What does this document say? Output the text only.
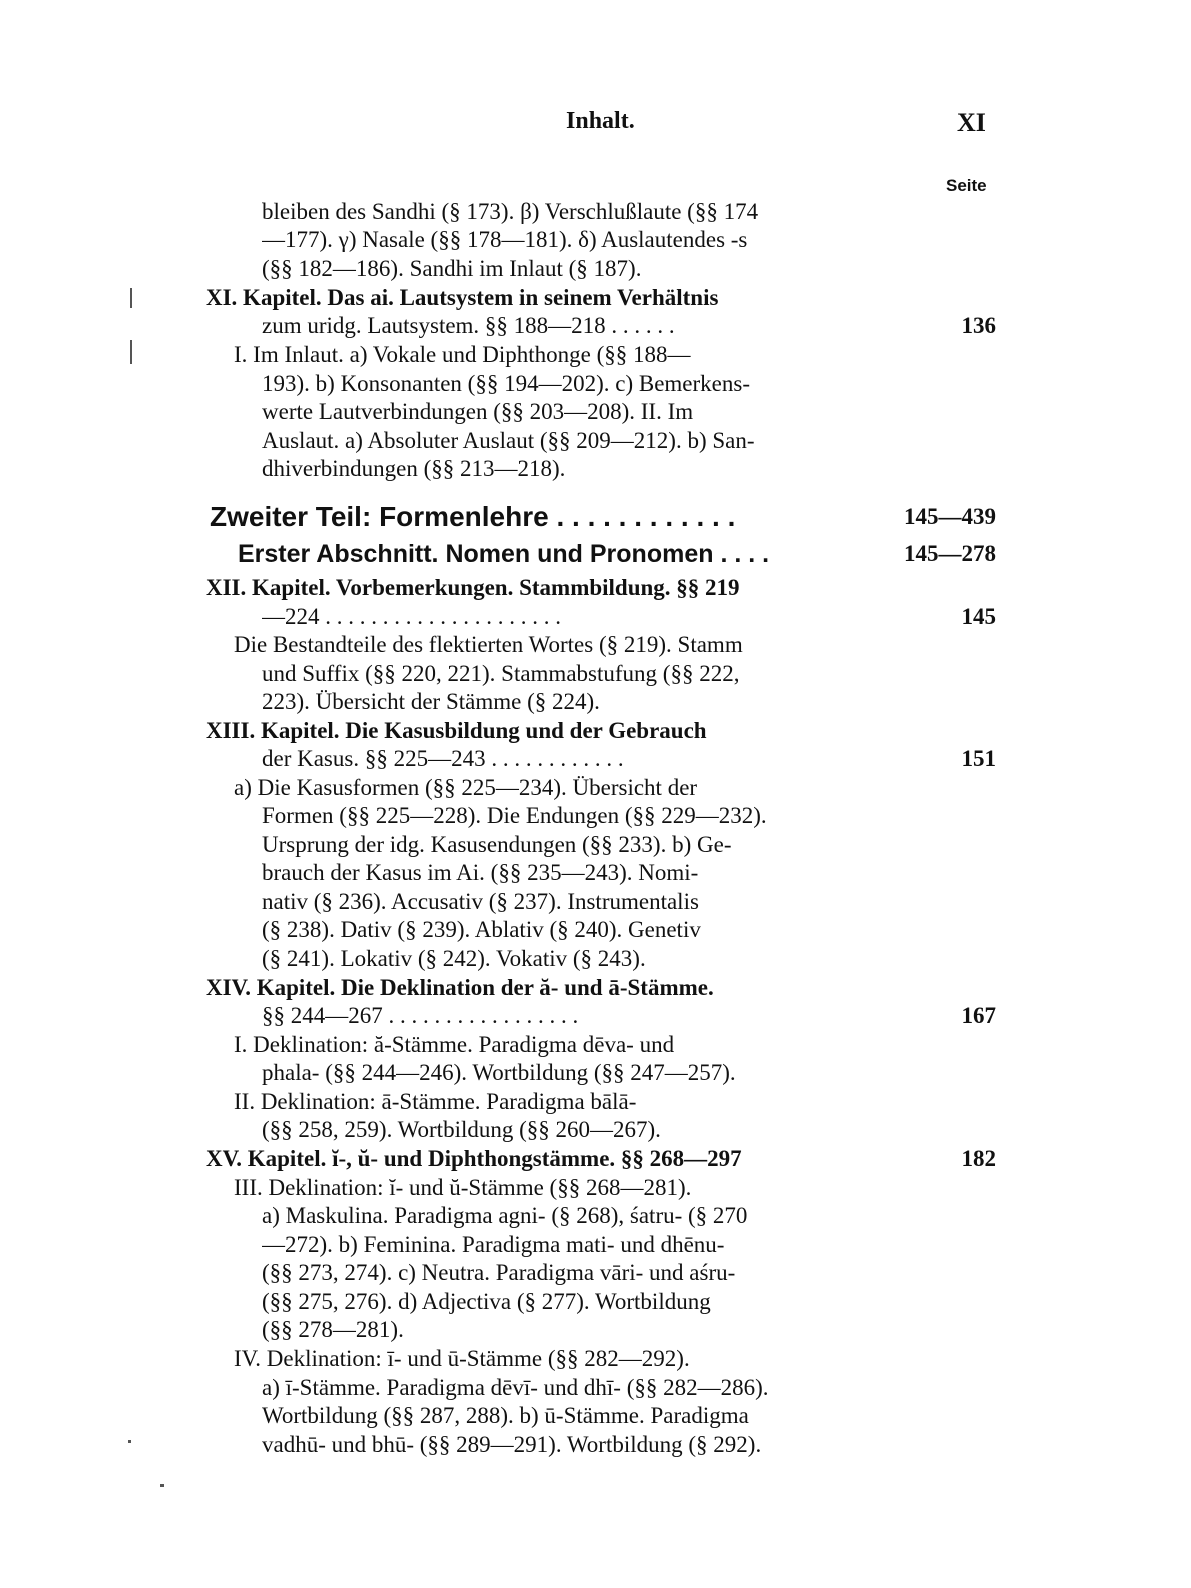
Inhalt.	XI
Seite
bleiben des Sandhi (§ 173). β) Verschlußlaute (§§ 174
—177). γ) Nasale (§§ 178—181). δ) Auslautendes -s
(§§ 182—186). Sandhi im Inlaut (§ 187).
XI. Kapitel. Das ai. Lautsystem in seinem Verhältnis
zum uridg. Lautsystem. §§ 188—218 . . . . . .	136
I. Im Inlaut. a) Vokale und Diphthonge (§§ 188—
193). b) Konsonanten (§§ 194—202). c) Bemerkens-
werte Lautverbindungen (§§ 203—208). II. Im
Auslaut. a) Absoluter Auslaut (§§ 209—212). b) San-
dhiverbindungen (§§ 213—218).
Zweiter Teil: Formenlehre . . . . . . . . . . . .	145—439
Erster Abschnitt. Nomen und Pronomen . . . .	145—278
XII. Kapitel. Vorbemerkungen. Stammbildung. §§ 219
—224 . . . . . . . . . . . . . . . . . . . . .	145
Die Bestandteile des flektierten Wortes (§ 219). Stamm
und Suffix (§§ 220, 221). Stammabstufung (§§ 222,
223). Übersicht der Stämme (§ 224).
XIII. Kapitel. Die Kasusbildung und der Gebrauch
der Kasus. §§ 225—243 . . . . . . . . . . . .	151
a) Die Kasusformen (§§ 225—234). Übersicht der
Formen (§§ 225—228). Die Endungen (§§ 229—232).
Ursprung der idg. Kasusendungen (§§ 233). b) Ge-
brauch der Kasus im Ai. (§§ 235—243). Nomi-
nativ (§ 236). Accusativ (§ 237). Instrumentalis
(§ 238). Dativ (§ 239). Ablativ (§ 240). Genetiv
(§ 241). Lokativ (§ 242). Vokativ (§ 243).
XIV. Kapitel. Die Deklination der ă- und ā-Stämme.
§§ 244—267 . . . . . . . . . . . . . . . . .	167
I. Deklination: ă-Stämme. Paradigma dēva- und
phala- (§§ 244—246). Wortbildung (§§ 247—257).
II. Deklination: ā-Stämme. Paradigma bālā-
(§§ 258, 259). Wortbildung (§§ 260—267).
XV. Kapitel. ĭ-, ŭ- und Diphthongstämme. §§ 268—297	182
III. Deklination: ĭ- und ŭ-Stämme (§§ 268—281).
a) Maskulina. Paradigma agni- (§ 268), śatru- (§ 270
—272). b) Feminina. Paradigma mati- und dhēnu-
(§§ 273, 274). c) Neutra. Paradigma vāri- und aśru-
(§§ 275, 276). d) Adjectiva (§ 277). Wortbildung
(§§ 278—281).
IV. Deklination: ī- und ū-Stämme (§§ 282—292).
a) ī-Stämme. Paradigma dēvī- und dhī- (§§ 282—286).
Wortbildung (§§ 287, 288). b) ū-Stämme. Paradigma
vadhū- und bhū- (§§ 289—291). Wortbildung (§ 292).
